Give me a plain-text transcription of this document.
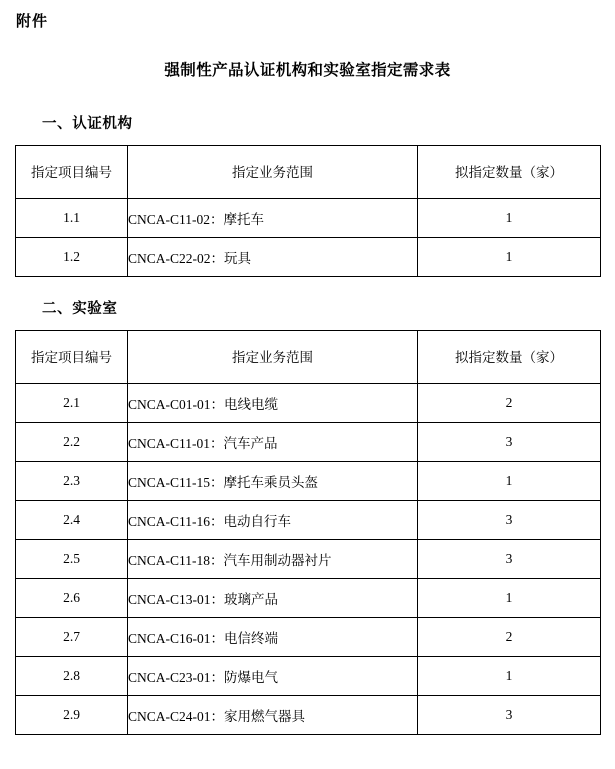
附件
强制性产品认证机构和实验室指定需求表
一、认证机构
指定项目编号	指定业务范围	拟指定数量（家）
1.1	CNCA-C11-02：摩托车	1
1.2	CNCA-C22-02：玩具	1
二、实验室
指定项目编号	指定业务范围	拟指定数量（家）
2.1	CNCA-C01-01：电线电缆	2
2.2	CNCA-C11-01：汽车产品	3
2.3	CNCA-C11-15：摩托车乘员头盔	1
2.4	CNCA-C11-16：电动自行车	3
2.5	CNCA-C11-18：汽车用制动器衬片	3
2.6	CNCA-C13-01：玻璃产品	1
2.7	CNCA-C16-01：电信终端	2
2.8	CNCA-C23-01：防爆电气	1
2.9	CNCA-C24-01：家用燃气器具	3
